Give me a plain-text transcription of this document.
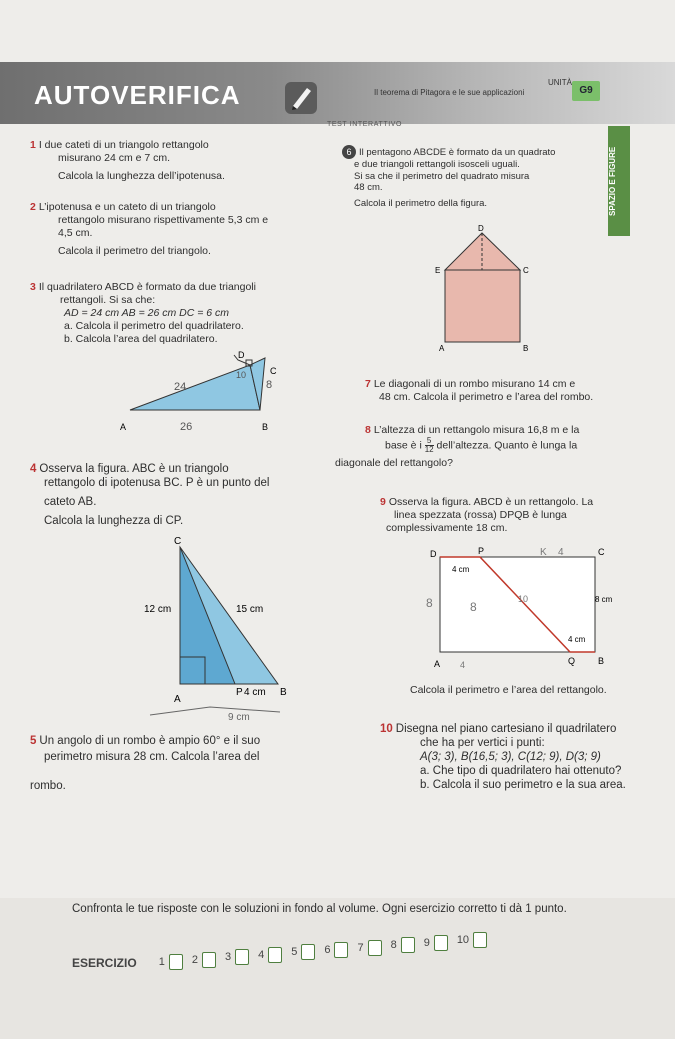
AUTOVERIFICA	Il teorema di Pitagora e le sue applicazioni
UNITÀ
G9
TEST INTERATTIVO
SPAZIO E FIGURE
1 I due cateti di un triangolo rettangolo
misurano 24 cm e 7 cm.
Calcola la lunghezza dell’ipotenusa.
2 L’ipotenusa e un cateto di un triangolo
rettangolo misurano rispettivamente 5,3 cm e
4,5 cm.
Calcola il perimetro del triangolo.
3 Il quadrilatero ABCD è formato da due triangoli
rettangoli. Si sa che:
AD = 24 cm AB = 26 cm DC = 6 cm
a. Calcola il perimetro del quadrilatero.
b. Calcola l’area del quadrilatero.
A	B
D
C
24
10
8
26
4 Osserva la figura. ABC è un triangolo
rettangolo di ipotenusa BC. P è un punto del
cateto AB.
Calcola la lunghezza di CP.
C
A
P	B
12 cm	15 cm
4 cm
9 cm
5 Un angolo di un rombo è ampio 60° e il suo
perimetro misura 28 cm. Calcola l’area del
rombo.
6 Il pentagono ABCDE è formato da un quadrato
e due triangoli rettangoli isosceli uguali.
Si sa che il perimetro del quadrato misura
48 cm.
Calcola il perimetro della figura.
D
E	C
A	B
7 Le diagonali di un rombo misurano 14 cm e
48 cm. Calcola il perimetro e l’area del rombo.
8 L’altezza di un rettangolo misura 16,8 m e la
base è i $\frac{5}{12}$ dell’altezza. Quanto è lunga la
diagonale del rettangolo?
9 Osserva la figura. ABCD è un rettangolo. La
linea spezzata (rossa) DPQB è lunga
complessivamente 18 cm.
D	P	C
A	Q	B
4 cm
8 cm
4 cm
K 4
10
8	8
4
Calcola il perimetro e l’area del rettangolo.
10 Disegna nel piano cartesiano il quadrilatero
che ha per vertici i punti:
A(3; 3), B(16,5; 3), C(12; 9), D(3; 9)
a. Che tipo di quadrilatero hai ottenuto?
b. Calcola il suo perimetro e la sua area.
Confronta le tue risposte con le soluzioni in fondo al volume. Ogni esercizio corretto ti dà 1 punto.
ESERCIZIO 1	2	3	4	5	6	7	8	9	10
